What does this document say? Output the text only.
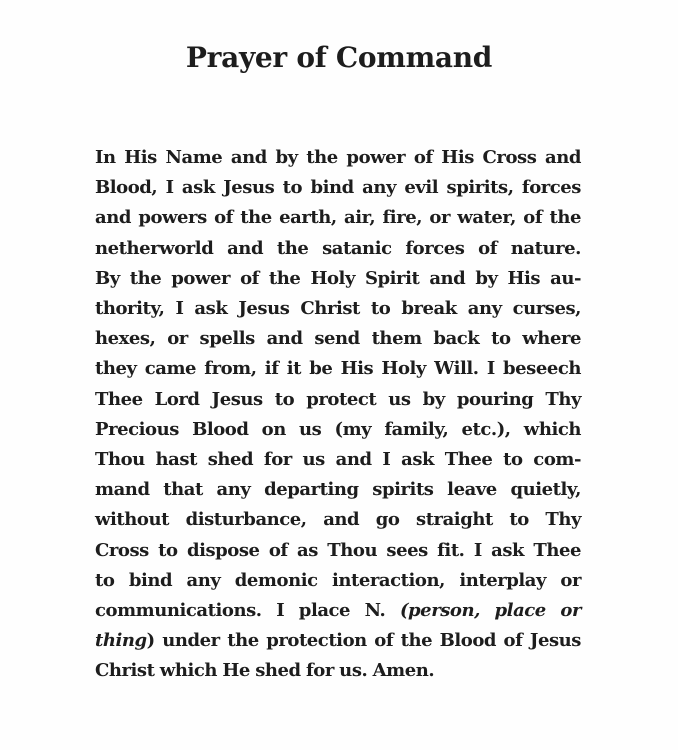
Prayer of Command
In His Name and by the power of His Cross and
Blood, I ask Jesus to bind any evil spirits, forces
and powers of the earth, air, fire, or water, of the
netherworld and the satanic forces of nature.
By the power of the Holy Spirit and by His au-
thority, I ask Jesus Christ to break any curses,
hexes, or spells and send them back to where
they came from, if it be His Holy Will. I beseech
Thee Lord Jesus to protect us by pouring Thy
Precious Blood on us (my family, etc.), which
Thou hast shed for us and I ask Thee to com-
mand that any departing spirits leave quietly,
without disturbance, and go straight to Thy
Cross to dispose of as Thou sees fit. I ask Thee
to bind any demonic interaction, interplay or
communications. I place N. (person, place or
thing) under the protection of the Blood of Jesus
Christ which He shed for us. Amen.
